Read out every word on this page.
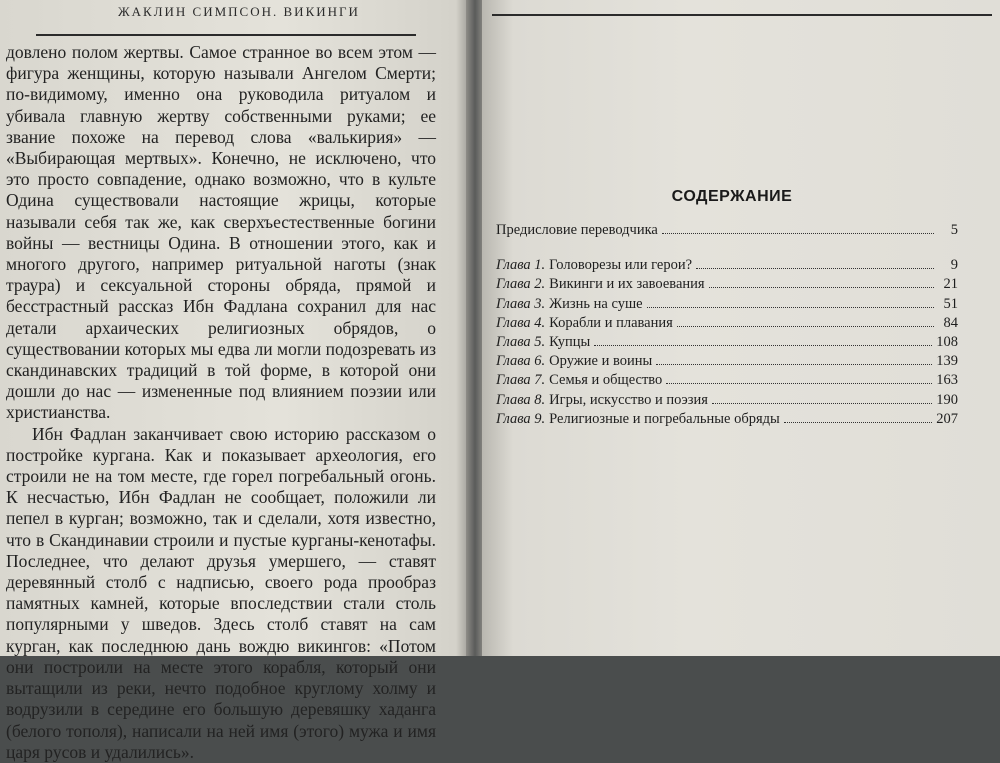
ЖАКЛИН СИМПСОН. ВИКИНГИ

довлено полом жертвы. Самое странное во всем этом — фигура женщины, которую называли Ангелом Смерти; по-видимому, именно она руководила ритуалом и убивала главную жертву собственными руками; ее звание похоже на перевод слова «валькирия» — «Выбирающая мертвых». Конечно, не исключено, что это просто совпадение, однако возможно, что в культе Одина существовали настоящие жрицы, которые называли себя так же, как сверхъестественные богини войны — вестницы Одина. В отношении этого, как и многого другого, например ритуальной наготы (знак траура) и сексуальной стороны обряда, прямой и бесстрастный рассказ Ибн Фадлана сохранил для нас детали архаических религиозных обрядов, о существовании которых мы едва ли могли подозревать из скандинавских традиций в той форме, в которой они дошли до нас — измененные под влиянием поэзии или христианства.

Ибн Фадлан заканчивает свою историю рассказом о постройке кургана. Как и показывает археология, его строили не на том месте, где горел погребальный огонь. К несчастью, Ибн Фадлан не сообщает, положили ли пепел в курган; возможно, так и сделали, хотя известно, что в Скандинавии строили и пустые курганы-кенотафы. Последнее, что делают друзья умершего, — ставят деревянный столб с надписью, своего рода прообраз памятных камней, которые впоследствии стали столь популярными у шведов. Здесь столб ставят на сам курган, как последнюю дань вождю викингов: «Потом они построили на месте этого корабля, который они вытащили из реки, нечто подобное круглому холму и водрузили в середине его большую деревяшку хаданга (белого тополя), написали на ней имя (этого) мужа и имя царя русов и удалились».

СОДЕРЖАНИЕ
Предисловие переводчика	5
Глава 1. Головорезы или герои?	9
Глава 2. Викинги и их завоевания	21
Глава 3. Жизнь на суше	51
Глава 4. Корабли и плавания	84
Глава 5. Купцы	108
Глава 6. Оружие и воины	139
Глава 7. Семья и общество	163
Глава 8. Игры, искусство и поэзия	190
Глава 9. Религиозные и погребальные обряды	207
